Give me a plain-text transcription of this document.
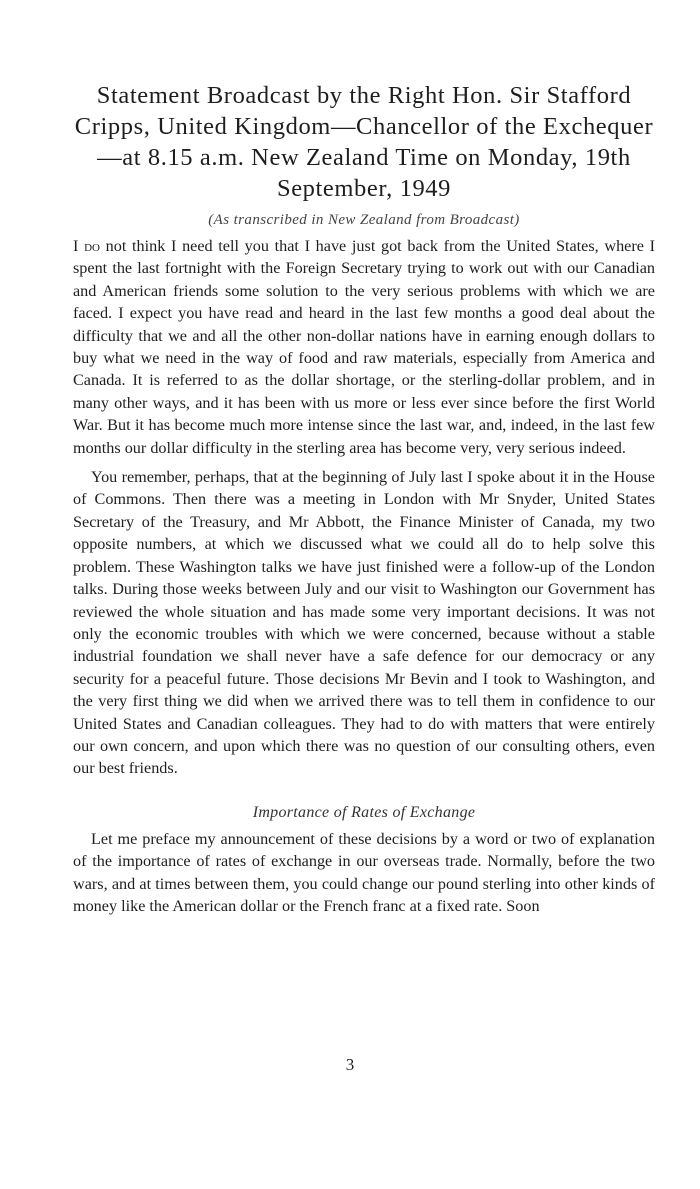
Statement Broadcast by the Right Hon. Sir Stafford Cripps, United Kingdom—Chancellor of the Exchequer—at 8.15 a.m. New Zealand Time on Monday, 19th September, 1949
(As transcribed in New Zealand from Broadcast)

I do not think I need tell you that I have just got back from the United States, where I spent the last fortnight with the Foreign Secretary trying to work out with our Canadian and American friends some solution to the very serious problems with which we are faced. I expect you have read and heard in the last few months a good deal about the difficulty that we and all the other non-dollar nations have in earning enough dollars to buy what we need in the way of food and raw materials, especially from America and Canada. It is referred to as the dollar shortage, or the sterling-dollar problem, and in many other ways, and it has been with us more or less ever since before the first World War. But it has become much more intense since the last war, and, indeed, in the last few months our dollar difficulty in the sterling area has become very, very serious indeed.

You remember, perhaps, that at the beginning of July last I spoke about it in the House of Commons. Then there was a meeting in London with Mr Snyder, United States Secretary of the Treasury, and Mr Abbott, the Finance Minister of Canada, my two opposite numbers, at which we discussed what we could all do to help solve this problem. These Washington talks we have just finished were a follow-up of the London talks. During those weeks between July and our visit to Washington our Government has reviewed the whole situation and has made some very important decisions. It was not only the economic troubles with which we were concerned, because without a stable industrial foundation we shall never have a safe defence for our democracy or any security for a peaceful future. Those decisions Mr Bevin and I took to Washington, and the very first thing we did when we arrived there was to tell them in confidence to our United States and Canadian colleagues. They had to do with matters that were entirely our own concern, and upon which there was no question of our consulting others, even our best friends.

Importance of Rates of Exchange

Let me preface my announcement of these decisions by a word or two of explanation of the importance of rates of exchange in our overseas trade. Normally, before the two wars, and at times between them, you could change our pound sterling into other kinds of money like the American dollar or the French franc at a fixed rate. Soon

3
